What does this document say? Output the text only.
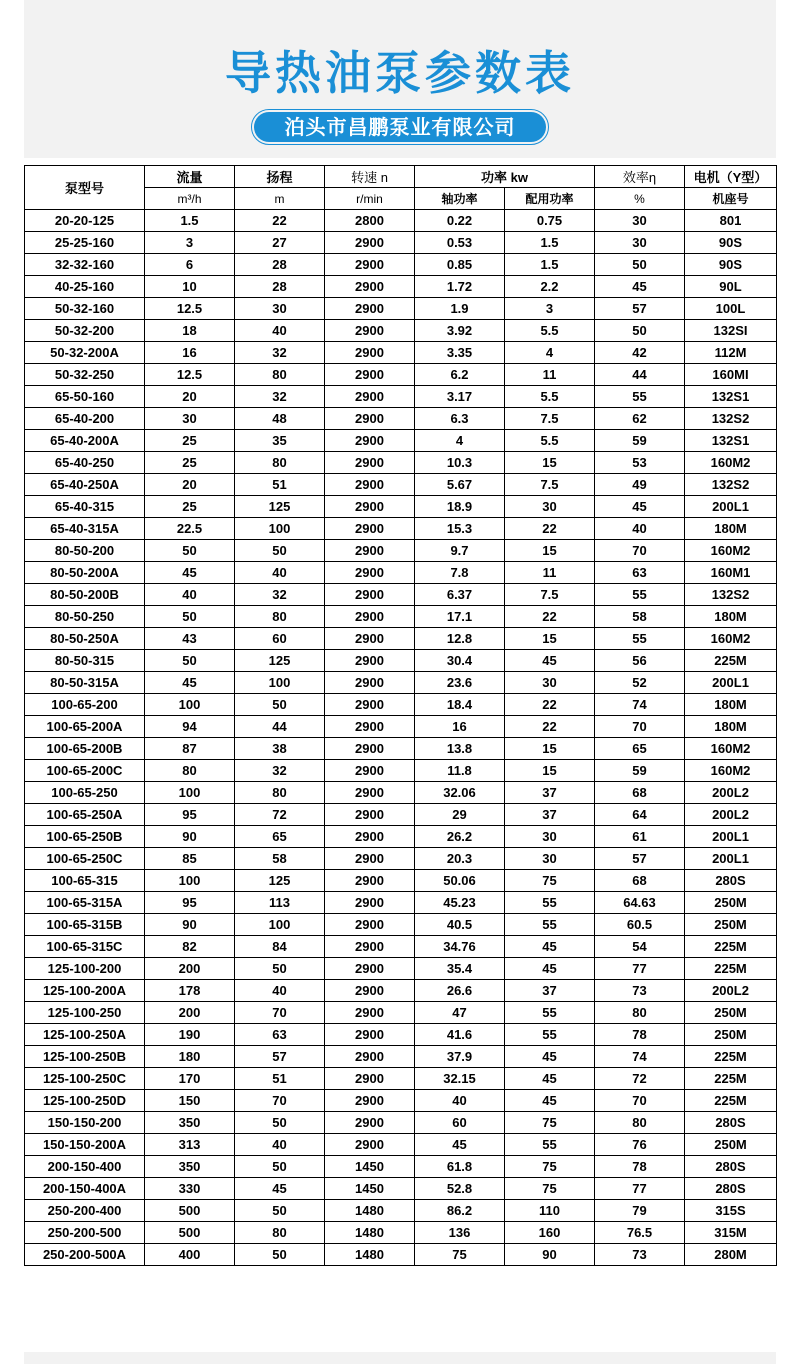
导热油泵参数表
泊头市昌鹏泵业有限公司
泵型号	流量	扬程	转速 n	功率 kw		效率η	电机（Y型）
	m³/h	m	r/min	轴功率	配用功率	%	机座号
20-20-125	1.5	22	2800	0.22	0.75	30	801
25-25-160	3	27	2900	0.53	1.5	30	90S
32-32-160	6	28	2900	0.85	1.5	50	90S
40-25-160	10	28	2900	1.72	2.2	45	90L
50-32-160	12.5	30	2900	1.9	3	57	100L
50-32-200	18	40	2900	3.92	5.5	50	132SI
50-32-200A	16	32	2900	3.35	4	42	112M
50-32-250	12.5	80	2900	6.2	11	44	160MI
65-50-160	20	32	2900	3.17	5.5	55	132S1
65-40-200	30	48	2900	6.3	7.5	62	132S2
65-40-200A	25	35	2900	4	5.5	59	132S1
65-40-250	25	80	2900	10.3	15	53	160M2
65-40-250A	20	51	2900	5.67	7.5	49	132S2
65-40-315	25	125	2900	18.9	30	45	200L1
65-40-315A	22.5	100	2900	15.3	22	40	180M
80-50-200	50	50	2900	9.7	15	70	160M2
80-50-200A	45	40	2900	7.8	11	63	160M1
80-50-200B	40	32	2900	6.37	7.5	55	132S2
80-50-250	50	80	2900	17.1	22	58	180M
80-50-250A	43	60	2900	12.8	15	55	160M2
80-50-315	50	125	2900	30.4	45	56	225M
80-50-315A	45	100	2900	23.6	30	52	200L1
100-65-200	100	50	2900	18.4	22	74	180M
100-65-200A	94	44	2900	16	22	70	180M
100-65-200B	87	38	2900	13.8	15	65	160M2
100-65-200C	80	32	2900	11.8	15	59	160M2
100-65-250	100	80	2900	32.06	37	68	200L2
100-65-250A	95	72	2900	29	37	64	200L2
100-65-250B	90	65	2900	26.2	30	61	200L1
100-65-250C	85	58	2900	20.3	30	57	200L1
100-65-315	100	125	2900	50.06	75	68	280S
100-65-315A	95	113	2900	45.23	55	64.63	250M
100-65-315B	90	100	2900	40.5	55	60.5	250M
100-65-315C	82	84	2900	34.76	45	54	225M
125-100-200	200	50	2900	35.4	45	77	225M
125-100-200A	178	40	2900	26.6	37	73	200L2
125-100-250	200	70	2900	47	55	80	250M
125-100-250A	190	63	2900	41.6	55	78	250M
125-100-250B	180	57	2900	37.9	45	74	225M
125-100-250C	170	51	2900	32.15	45	72	225M
125-100-250D	150	70	2900	40	45	70	225M
150-150-200	350	50	2900	60	75	80	280S
150-150-200A	313	40	2900	45	55	76	250M
200-150-400	350	50	1450	61.8	75	78	280S
200-150-400A	330	45	1450	52.8	75	77	280S
250-200-400	500	50	1480	86.2	110	79	315S
250-200-500	500	80	1480	136	160	76.5	315M
250-200-500A	400	50	1480	75	90	73	280M
